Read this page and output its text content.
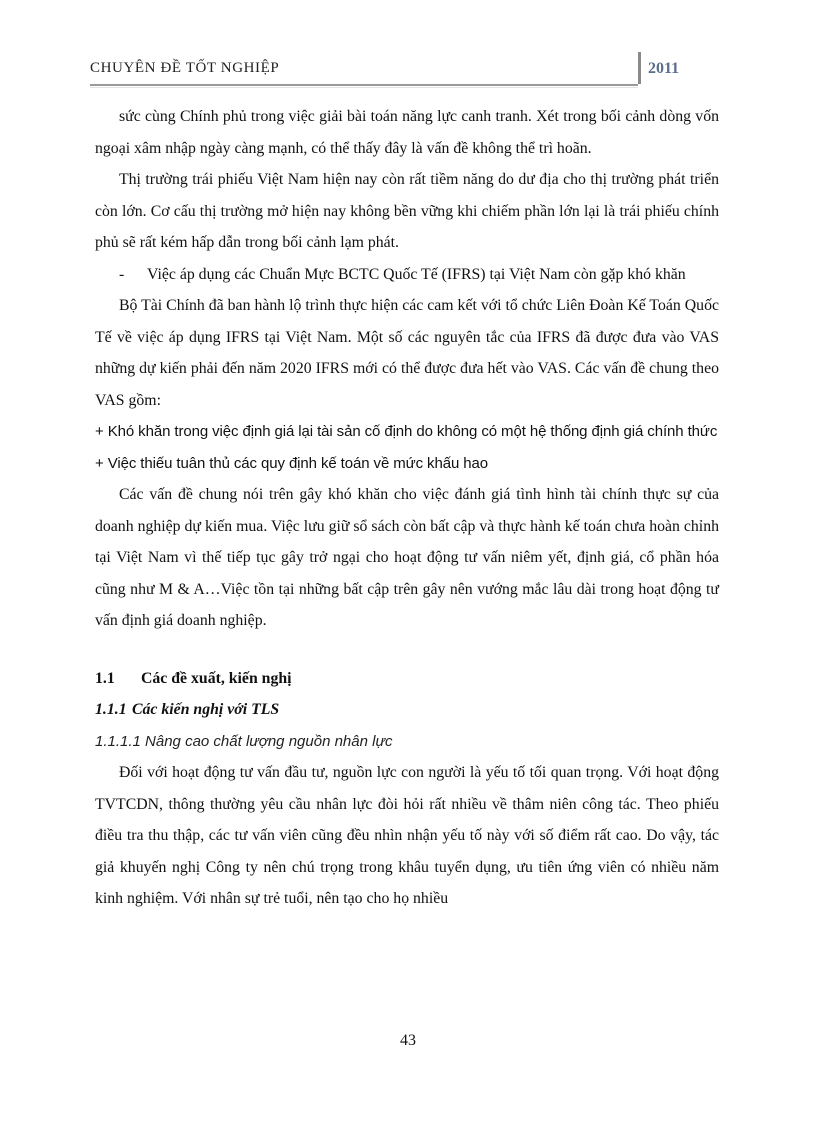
CHUYÊN ĐỀ TỐT NGHIỆP	2011

sức cùng Chính phủ trong việc giải bài toán năng lực canh tranh. Xét trong bối cảnh dòng vốn ngoại xâm nhập ngày càng mạnh, có thể thấy đây là vấn đề không thể trì hoãn.

Thị trường trái phiếu Việt Nam hiện nay còn rất tiềm năng do dư địa cho thị trường phát triển còn lớn. Cơ cấu thị trường mở hiện nay không bền vững khi chiếm phần lớn lại là trái phiếu chính phủ sẽ rất kém hấp dẫn trong bối cảnh lạm phát.

- Việc áp dụng các Chuẩn Mực BCTC Quốc Tế (IFRS) tại Việt Nam còn gặp khó khăn

Bộ Tài Chính đã ban hành lộ trình thực hiện các cam kết với tổ chức Liên Đoàn Kế Toán Quốc Tế về việc áp dụng IFRS tại Việt Nam. Một số các nguyên tắc của IFRS đã được đưa vào VAS những dự kiến phải đến năm 2020 IFRS mới có thể được đưa hết vào VAS. Các vấn đề chung theo VAS gồm:

+ Khó khăn trong việc định giá lại tài sản cố định do không có một hệ thống định giá chính thức

+ Việc thiếu tuân thủ các quy định kế toán về mức khấu hao

Các vấn đề chung nói trên gây khó khăn cho việc đánh giá tình hình tài chính thực sự của doanh nghiệp dự kiến mua. Việc lưu giữ sổ sách còn bất cập và thực hành kế toán chưa hoàn chỉnh tại Việt Nam vì thế tiếp tục gây trở ngại cho hoạt động tư vấn niêm yết, định giá, cổ phần hóa cũng như M & A…Việc tồn tại những bất cập trên gây nên vướng mắc lâu dài trong hoạt động tư vấn định giá doanh nghiệp.

1.1 Các đề xuất, kiến nghị

1.1.1 Các kiến nghị với TLS

1.1.1.1 Nâng cao chất lượng nguồn nhân lực

Đối với hoạt động tư vấn đầu tư, nguồn lực con người là yếu tố tối quan trọng. Với hoạt động TVTCDN, thông thường yêu cầu nhân lực đòi hỏi rất nhiều về thâm niên công tác. Theo phiếu điều tra thu thập, các tư vấn viên cũng đều nhìn nhận yếu tố này với số điểm rất cao. Do vậy, tác giả khuyến nghị Công ty nên chú trọng trong khâu tuyển dụng, ưu tiên ứng viên có nhiều năm kinh nghiệm. Với nhân sự trẻ tuổi, nên tạo cho họ nhiều

43
